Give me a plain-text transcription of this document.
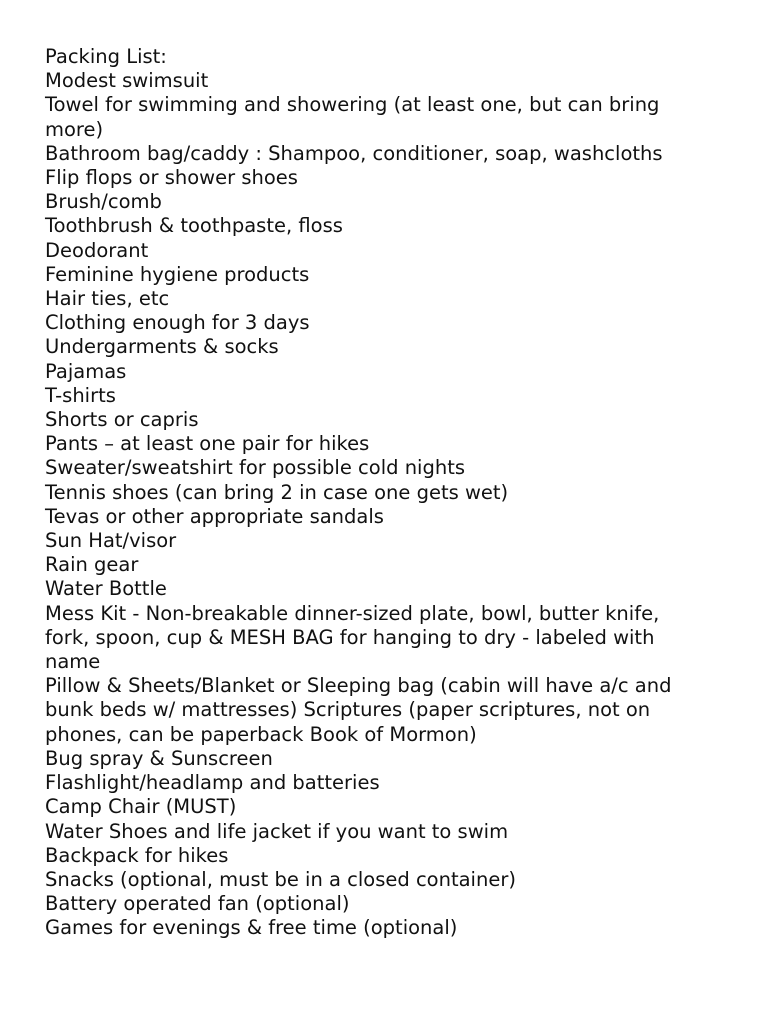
Packing List:

Modest swimsuit

Towel for swimming and showering (at least one, but can bring more)

Bathroom bag/caddy : Shampoo, conditioner, soap, washcloths

Flip flops or shower shoes

Brush/comb

Toothbrush & toothpaste, floss

Deodorant

Feminine hygiene products

Hair ties, etc

Clothing enough for 3 days

Undergarments & socks

Pajamas

T-shirts

Shorts or capris

Pants – at least one pair for hikes

Sweater/sweatshirt for possible cold nights

Tennis shoes (can bring 2 in case one gets wet)

Tevas or other appropriate sandals

Sun Hat/visor

Rain gear

Water Bottle

Mess Kit - Non-breakable dinner-sized plate, bowl, butter knife, fork, spoon, cup & MESH BAG for hanging to dry - labeled with name

Pillow & Sheets/Blanket or Sleeping bag (cabin will have a/c and bunk beds w/ mattresses) Scriptures (paper scriptures, not on phones, can be paperback Book of Mormon)

Bug spray & Sunscreen

Flashlight/headlamp and batteries

Camp Chair (MUST)

Water Shoes and life jacket if you want to swim

Backpack for hikes

Snacks (optional, must be in a closed container)

Battery operated fan (optional)

Games for evenings & free time (optional)
